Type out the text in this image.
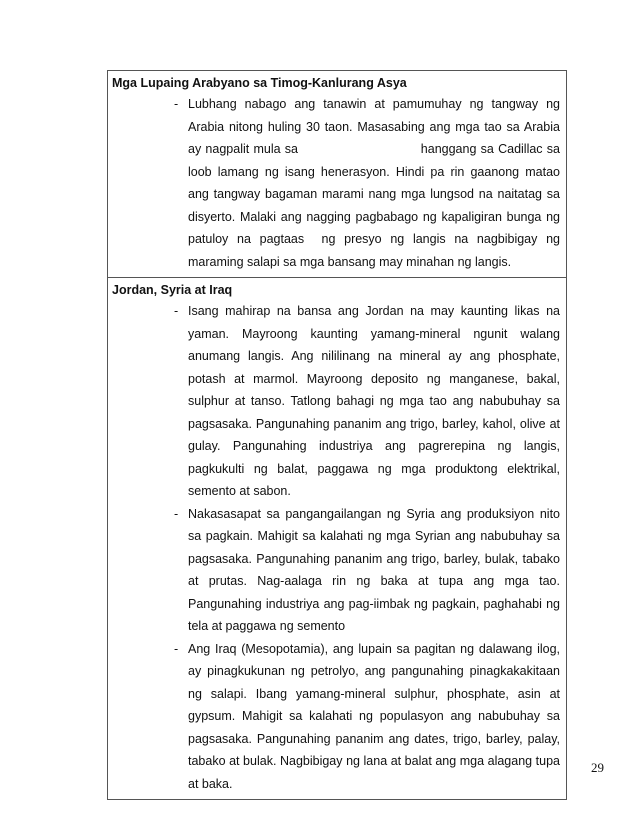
Mga Lupaing Arabyano sa Timog-Kanlurang Asya
- Lubhang nabago ang tanawin at pamumuhay ng tangway ng Arabia nitong huling 30 taon. Masasabing ang mga tao sa Arabia ay nagpalit mula sa                             hanggang sa Cadillac sa loob lamang ng isang henerasyon. Hindi pa rin gaanong matao ang tangway bagaman marami nang mga lungsod na naitatag sa disyerto. Malaki ang nagging pagbabago ng kapaligiran bunga ng patuloy na pagtaas  ng presyo ng langis na nagbibigay ng maraming salapi sa mga bansang may minahan ng langis.
Jordan, Syria at Iraq
- Isang mahirap na bansa ang Jordan na may kaunting likas na yaman. Mayroong kaunting yamang-mineral ngunit walang anumang langis. Ang nililinang na mineral ay ang phosphate, potash at marmol. Mayroong deposito ng manganese, bakal, sulphur at tanso. Tatlong bahagi ng mga tao ang nabubuhay sa pagsasaka. Pangunahing pananim ang trigo, barley, kahol, olive at gulay. Pangunahing industriya ang pagrerepina ng langis, pagkukulti ng balat, paggawa ng mga produktong elektrikal, semento at sabon.
- Nakasasapat sa pangangailangan ng Syria ang produksiyon nito sa pagkain. Mahigit sa kalahati ng mga Syrian ang nabubuhay sa pagsasaka. Pangunahing pananim ang trigo, barley, bulak, tabako at prutas. Nag-aalaga rin ng baka at tupa ang mga tao. Pangunahing industriya ang pag-iimbak ng pagkain, paghahabi ng tela at paggawa ng semento
- Ang Iraq (Mesopotamia), ang lupain sa pagitan ng dalawang ilog, ay pinagkukunan ng petrolyo, ang pangunahing pinagkakakitaan ng salapi. Ibang yamang-mineral sulphur, phosphate, asin at gypsum. Mahigit sa kalahati ng populasyon ang nabubuhay sa pagsasaka. Pangunahing pananim ang dates, trigo, barley, palay, tabako at bulak. Nagbibigay ng lana at balat ang mga alagang tupa at baka.
29
